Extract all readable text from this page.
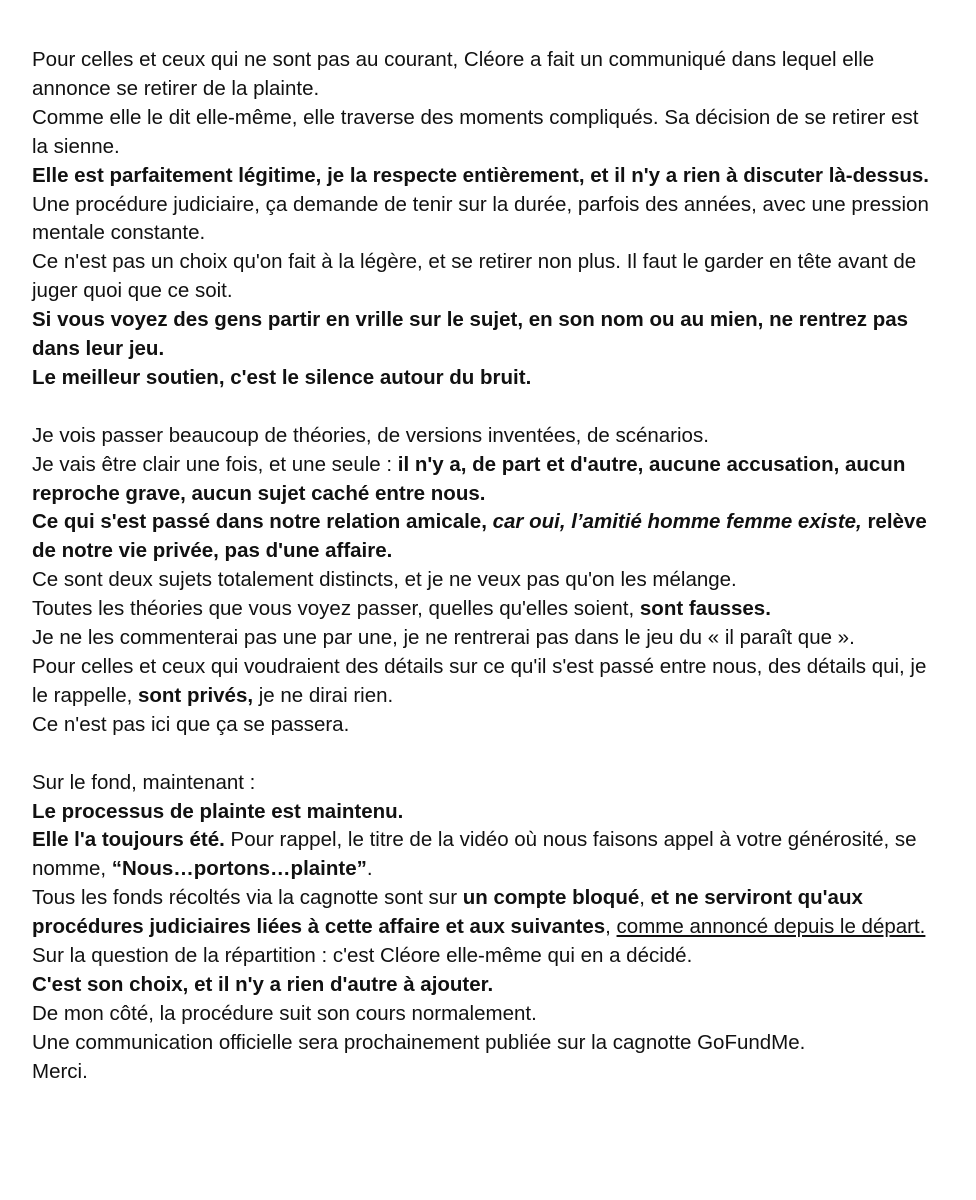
Pour celles et ceux qui ne sont pas au courant, Cléore a fait un communiqué dans lequel elle annonce se retirer de la plainte.

Comme elle le dit elle-même, elle traverse des moments compliqués. Sa décision de se retirer est la sienne.

Elle est parfaitement légitime, je la respecte entièrement, et il n'y a rien à discuter là-dessus.

Une procédure judiciaire, ça demande de tenir sur la durée, parfois des années, avec une pression mentale constante.

Ce n'est pas un choix qu'on fait à la légère, et se retirer non plus. Il faut le garder en tête avant de juger quoi que ce soit.

Si vous voyez des gens partir en vrille sur le sujet, en son nom ou au mien, ne rentrez pas dans leur jeu.

Le meilleur soutien, c'est le silence autour du bruit.

Je vois passer beaucoup de théories, de versions inventées, de scénarios.

Je vais être clair une fois, et une seule : il n'y a, de part et d'autre, aucune accusation, aucun reproche grave, aucun sujet caché entre nous.

Ce qui s'est passé dans notre relation amicale, car oui, l’amitié homme femme existe, relève de notre vie privée, pas d'une affaire.

Ce sont deux sujets totalement distincts, et je ne veux pas qu'on les mélange.

Toutes les théories que vous voyez passer, quelles qu'elles soient, sont fausses.

Je ne les commenterai pas une par une, je ne rentrerai pas dans le jeu du « il paraît que ».

Pour celles et ceux qui voudraient des détails sur ce qu'il s'est passé entre nous, des détails qui, je le rappelle, sont privés, je ne dirai rien.

Ce n'est pas ici que ça se passera.

Sur le fond, maintenant :

Le processus de plainte est maintenu.

Elle l'a toujours été. Pour rappel, le titre de la vidéo où nous faisons appel à votre générosité, se nomme, “Nous…portons…plainte”.

Tous les fonds récoltés via la cagnotte sont sur un compte bloqué, et ne serviront qu'aux procédures judiciaires liées à cette affaire et aux suivantes, comme annoncé depuis le départ.

Sur la question de la répartition : c'est Cléore elle-même qui en a décidé.

C'est son choix, et il n'y a rien d'autre à ajouter.

De mon côté, la procédure suit son cours normalement.

Une communication officielle sera prochainement publiée sur la cagnotte GoFundMe.

Merci.
